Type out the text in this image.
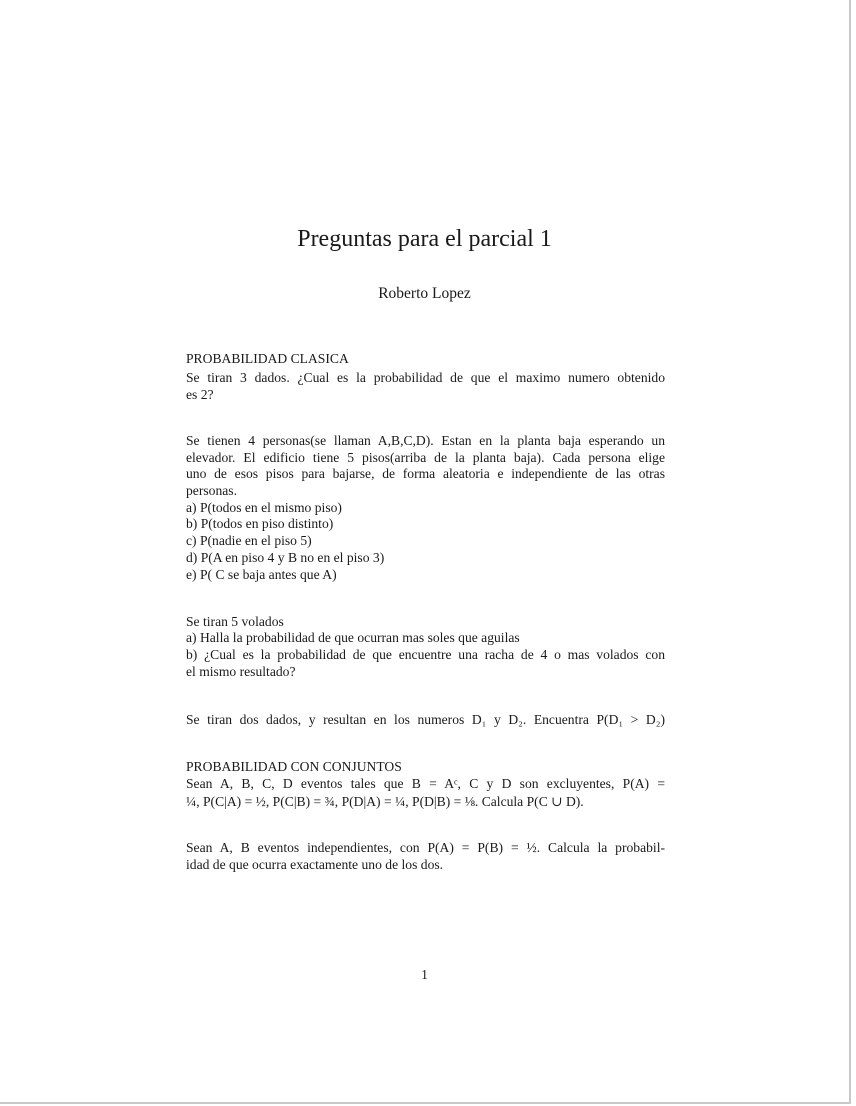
Preguntas para el parcial 1
Roberto Lopez
PROBABILIDAD CLASICA
Se tiran 3 dados. ¿Cual es la probabilidad de que el maximo numero obtenido
es 2?
Se tienen 4 personas(se llaman A,B,C,D). Estan en la planta baja esperando un
elevador. El edificio tiene 5 pisos(arriba de la planta baja). Cada persona elige
uno de esos pisos para bajarse, de forma aleatoria e independiente de las otras
personas.
a) P(todos en el mismo piso)
b) P(todos en piso distinto)
c) P(nadie en el piso 5)
d) P(A en piso 4 y B no en el piso 3)
e) P( C se baja antes que A)
Se tiran 5 volados
a) Halla la probabilidad de que ocurran mas soles que aguilas
b) ¿Cual es la probabilidad de que encuentre una racha de 4 o mas volados con
el mismo resultado?
Se tiran dos dados, y resultan en los numeros D₁ y D₂. Encuentra P(D₁ > D₂)
PROBABILIDAD CON CONJUNTOS
Sean A, B, C, D eventos tales que B = Aᶜ, C y D son excluyentes, P(A) =
¼, P(C|A) = ½, P(C|B) = ¾, P(D|A) = ¼, P(D|B) = ⅛. Calcula P(C ∪ D).
Sean A, B eventos independientes, con P(A) = P(B) = ½. Calcula la probabil-
idad de que ocurra exactamente uno de los dos.
1
